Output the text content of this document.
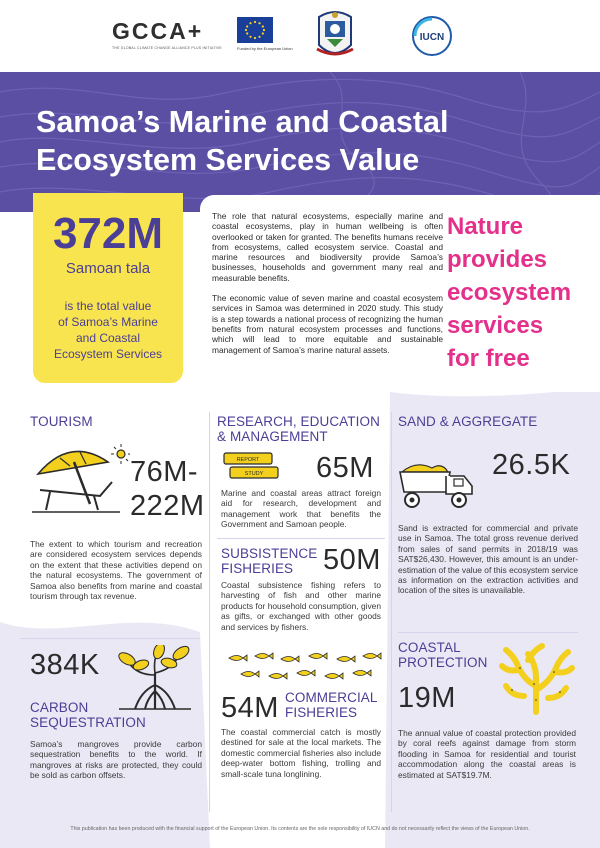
GCCA+
THE GLOBAL CLIMATE CHANGE ALLIANCE PLUS INITIATIVE	Funded by the European Union
IUCN
Samoa’s Marine and Coastal
Ecosystem Services Value
372M
Samoan tala
is the total value
of Samoa’s Marine
and Coastal
Ecosystem Services

The role that natural ecosystems, especially marine and coastal ecosystems, play in human wellbeing is often overlooked or taken for granted. The benefits humans receive from ecosystems, called ecosystem service. Coastal and marine resources and biodiversity provide Samoa’s businesses, households and government many real and measurable benefits.

The economic value of seven marine and coastal ecosystem services in Samoa was determined in 2020 study. This study is a step towards a national process of recognizing the human benefits from natural ecosystem processes and functions, which will lead to more equitable and sustainable management of Samoa’s marine natural assets.

Nature
provides
ecosystem
services
for free
TOURISM
76M-
222M
The extent to which tourism and recreation are considered ecosystem services depends on the extent that these activities depend on the natural ecosystems. The government of Samoa also benefits from marine and coastal tourism through tax revenue.
RESEARCH, EDUCATION
& MANAGEMENT
REPORT
STUDY 65M
Marine and coastal areas attract foreign aid for research, development and management work that benefits the Government and Samoan people.
SAND & AGGREGATE
26.5K
Sand is extracted for commercial and private use in Samoa. The total gross revenue derived from sales of sand permits in 2018/19 was SAT$26,430. However, this amount is an under-estimation of the value of this ecosystem service as information on the extraction activities and location of the sites is unavailable.
SUBSISTENCE
FISHERIES	50M
Coastal subsistence fishing refers to harvesting of fish and other marine products for household consumption, given as gifts, or exchanged with other goods and services by fishers.
384K
CARBON
SEQUESTRATION
Samoa’s mangroves provide carbon sequestration benefits to the world. If mangroves at risks are protected, they could be sold as carbon offsets.
54M COMMERCIAL
FISHERIES
The coastal commercial catch is mostly destined for sale at the local markets. The domestic commercial fisheries also include deep-water bottom fishing, trolling and small-scale tuna longlining.
COASTAL
PROTECTION
19M
The annual value of coastal protection provided by coral reefs against damage from storm flooding in Samoa for residential and tourist accommodation along the coastal areas is estimated at SAT$19.7M.
This publication has been produced with the financial support of the European Union. Its contents are the sole responsibility of IUCN and do not necessarily reflect the views of the European Union.
